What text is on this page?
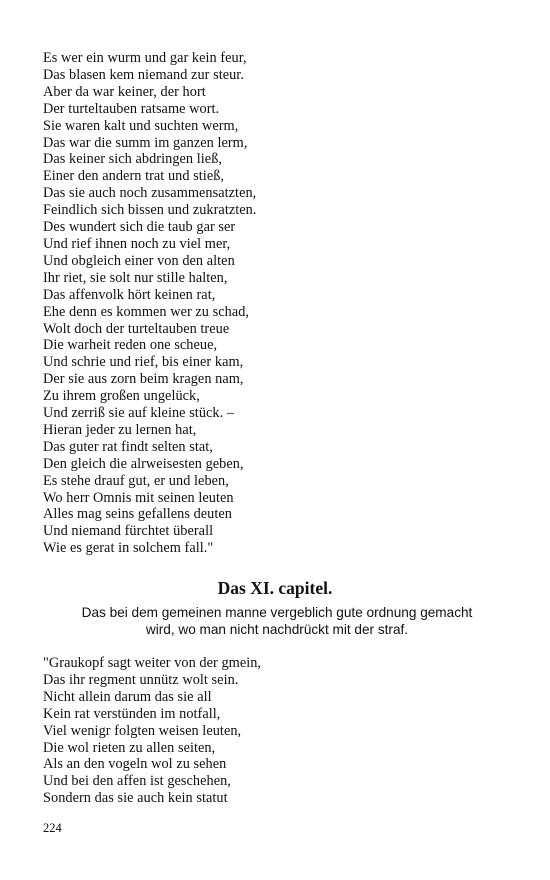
Es wer ein wurm und gar kein feur,
Das blasen kem niemand zur steur.
Aber da war keiner, der hort
Der turteltauben ratsame wort.
Sie waren kalt und suchten werm,
Das war die summ im ganzen lerm,
Das keiner sich abdringen ließ,
Einer den andern trat und stieß,
Das sie auch noch zusammensatzten,
Feindlich sich bissen und zukratzten.
Des wundert sich die taub gar ser
Und rief ihnen noch zu viel mer,
Und obgleich einer von den alten
Ihr riet, sie solt nur stille halten,
Das affenvolk hört keinen rat,
Ehe denn es kommen wer zu schad,
Wolt doch der turteltauben treue
Die warheit reden one scheue,
Und schrie und rief, bis einer kam,
Der sie aus zorn beim kragen nam,
Zu ihrem großen ungelück,
Und zerriß sie auf kleine stück. –
Hieran jeder zu lernen hat,
Das guter rat findt selten stat,
Den gleich die alrweisesten geben,
Es stehe drauf gut, er und leben,
Wo herr Omnis mit seinen leuten
Alles mag seins gefallens deuten
Und niemand fürchtet überall
Wie es gerat in solchem fall."
Das XI. capitel.

Das bei dem gemeinen manne vergeblich gute ordnung gemacht
wird, wo man nicht nachdrückt mit der straf.

"Graukopf sagt weiter von der gmein,
Das ihr regment unnütz wolt sein.
Nicht allein darum das sie all
Kein rat verstünden im notfall,
Viel wenigr folgten weisen leuten,
Die wol rieten zu allen seiten,
Als an den vogeln wol zu sehen
Und bei den affen ist geschehen,
Sondern das sie auch kein statut
224
